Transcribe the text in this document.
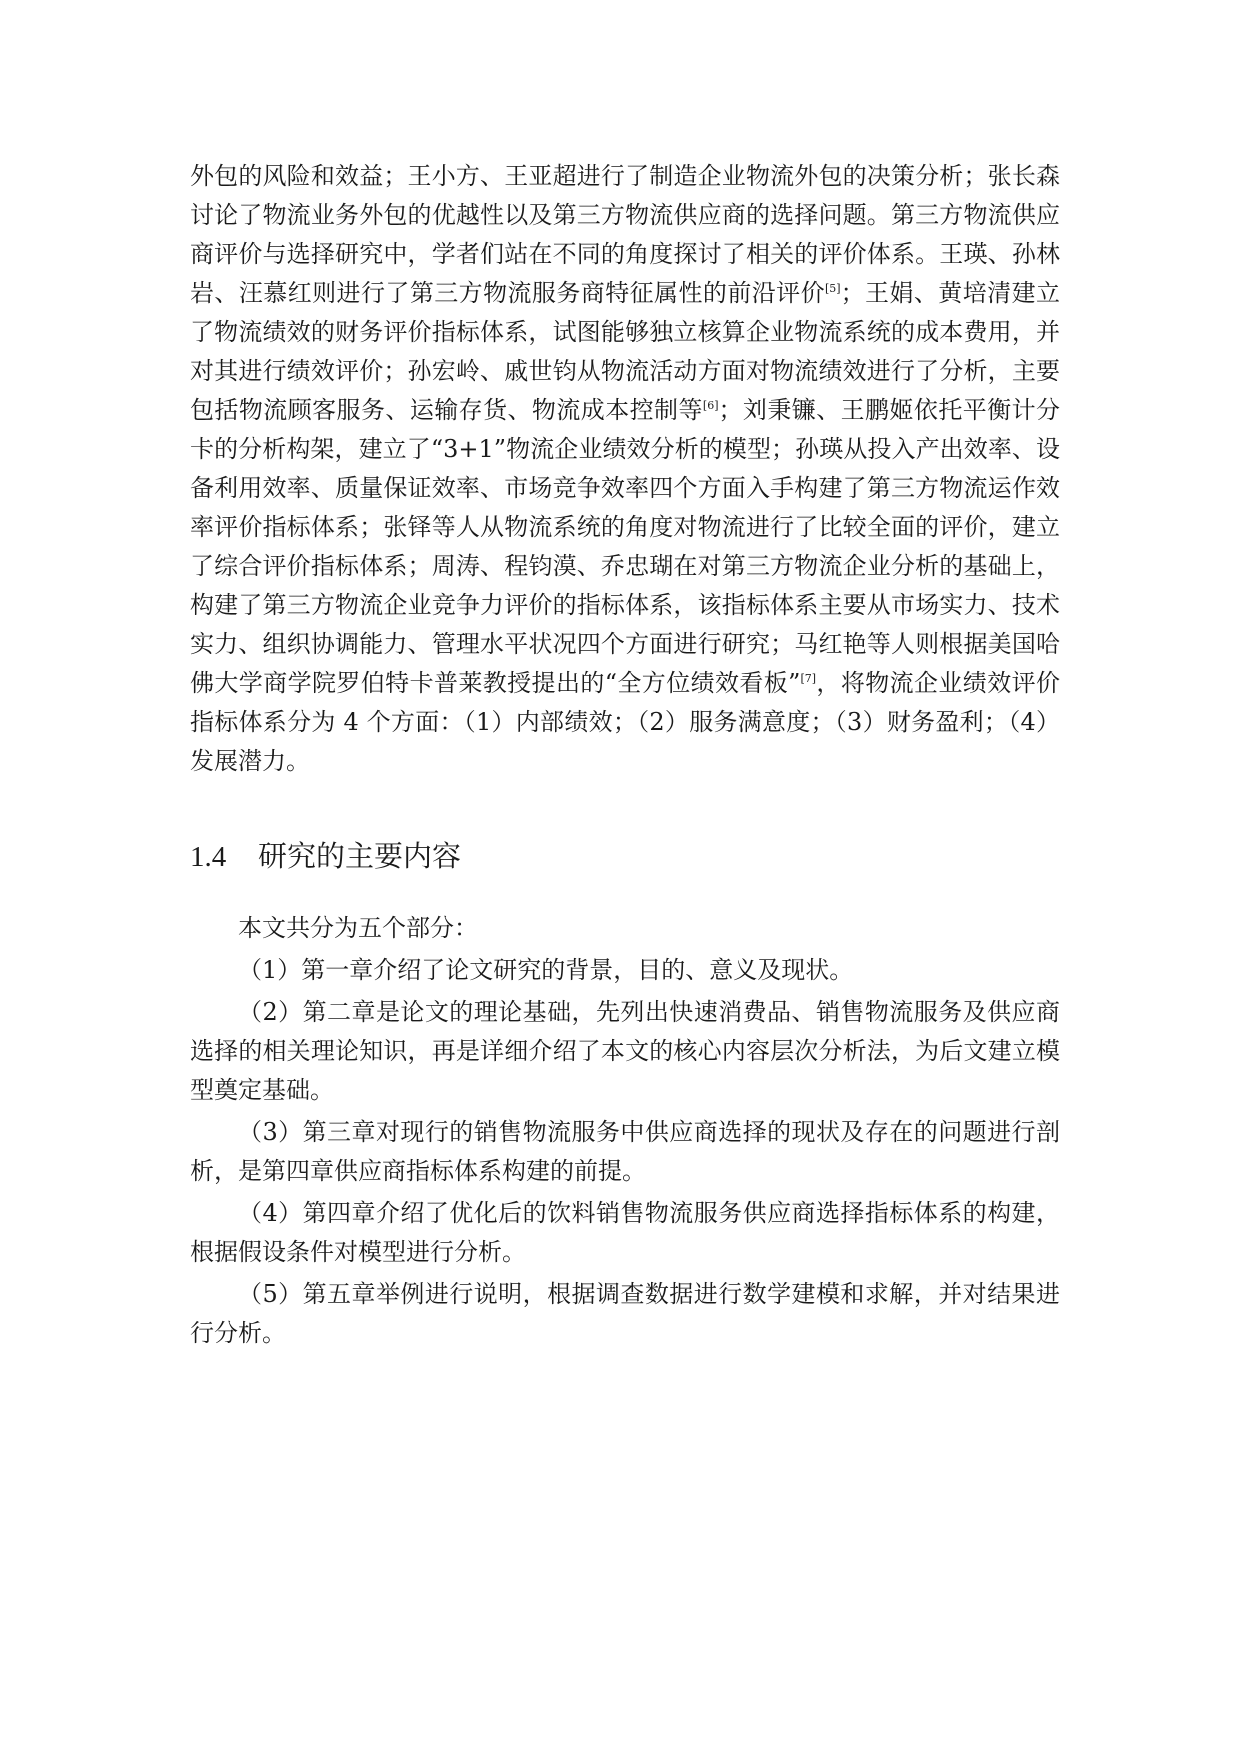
外包的风险和效益；王小方、王亚超进行了制造企业物流外包的决策分析；张长森讨论了物流业务外包的优越性以及第三方物流供应商的选择问题。第三方物流供应商评价与选择研究中，学者们站在不同的角度探讨了相关的评价体系。王瑛、孙林岩、汪慕红则进行了第三方物流服务商特征属性的前沿评价[5]；王娟、黄培清建立了物流绩效的财务评价指标体系，试图能够独立核算企业物流系统的成本费用，并对其进行绩效评价；孙宏岭、戚世钧从物流活动方面对物流绩效进行了分析，主要包括物流顾客服务、运输存货、物流成本控制等[6]；刘秉镰、王鹏姬依托平衡计分卡的分析构架，建立了“3+1”物流企业绩效分析的模型；孙瑛从投入产出效率、设备利用效率、质量保证效率、市场竞争效率四个方面入手构建了第三方物流运作效率评价指标体系；张铎等人从物流系统的角度对物流进行了比较全面的评价，建立了综合评价指标体系；周涛、程钧漠、乔忠瑚在对第三方物流企业分析的基础上，构建了第三方物流企业竞争力评价的指标体系，该指标体系主要从市场实力、技术实力、组织协调能力、管理水平状况四个方面进行研究；马红艳等人则根据美国哈佛大学商学院罗伯特卡普莱教授提出的“全方位绩效看板”[7]，将物流企业绩效评价指标体系分为 4 个方面：（1）内部绩效；（2）服务满意度；（3）财务盈利；（4）发展潜力。

1.4 研究的主要内容

本文共分为五个部分：

（1）第一章介绍了论文研究的背景，目的、意义及现状。

（2）第二章是论文的理论基础，先列出快速消费品、销售物流服务及供应商选择的相关理论知识，再是详细介绍了本文的核心内容层次分析法，为后文建立模型奠定基础。

（3）第三章对现行的销售物流服务中供应商选择的现状及存在的问题进行剖析，是第四章供应商指标体系构建的前提。

（4）第四章介绍了优化后的饮料销售物流服务供应商选择指标体系的构建，根据假设条件对模型进行分析。

（5）第五章举例进行说明，根据调查数据进行数学建模和求解，并对结果进行分析。
